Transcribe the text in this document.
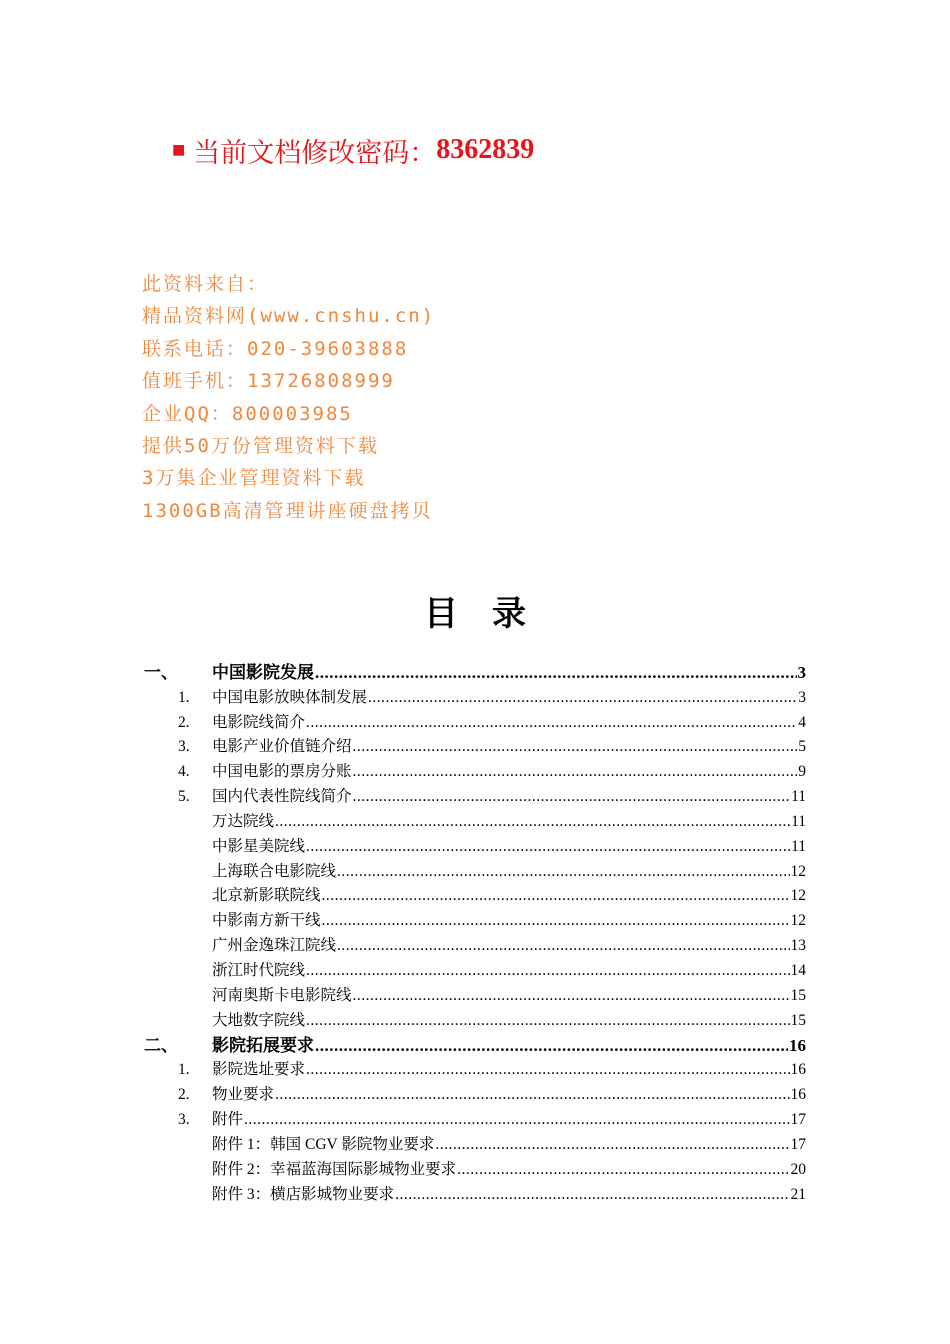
■ 当前文档修改密码： 8362839
此资料来自：
精品资料网(www.cnshu.cn)
联系电话：020-39603888
值班手机：13726808999
企业QQ：800003985
提供50万份管理资料下载
3万集企业管理资料下载
1300GB高清管理讲座硬盘拷贝
目录
一、	中国影院发展 .....	3
1.	中国电影放映体制发展 .....	3
2.	电影院线简介 .....	4
3.	电影产业价值链介绍 .....	5
4.	中国电影的票房分账 .....	9
5.	国内代表性院线简介 .....	11
万达院线 .....	11
中影星美院线 .....	11
上海联合电影院线 .....	12
北京新影联院线 .....	12
中影南方新干线 .....	12
广州金逸珠江院线 .....	13
浙江时代院线 .....	14
河南奥斯卡电影院线 .....	15
大地数字院线 .....	15
二、	影院拓展要求 .....	16
1.	影院选址要求 .....	16
2.	物业要求 .....	16
3.	附件 .....	17
附件 1：韩国 CGV 影院物业要求 .....	17
附件 2：幸福蓝海国际影城物业要求 .....	20
附件 3：横店影城物业要求 .....	21
